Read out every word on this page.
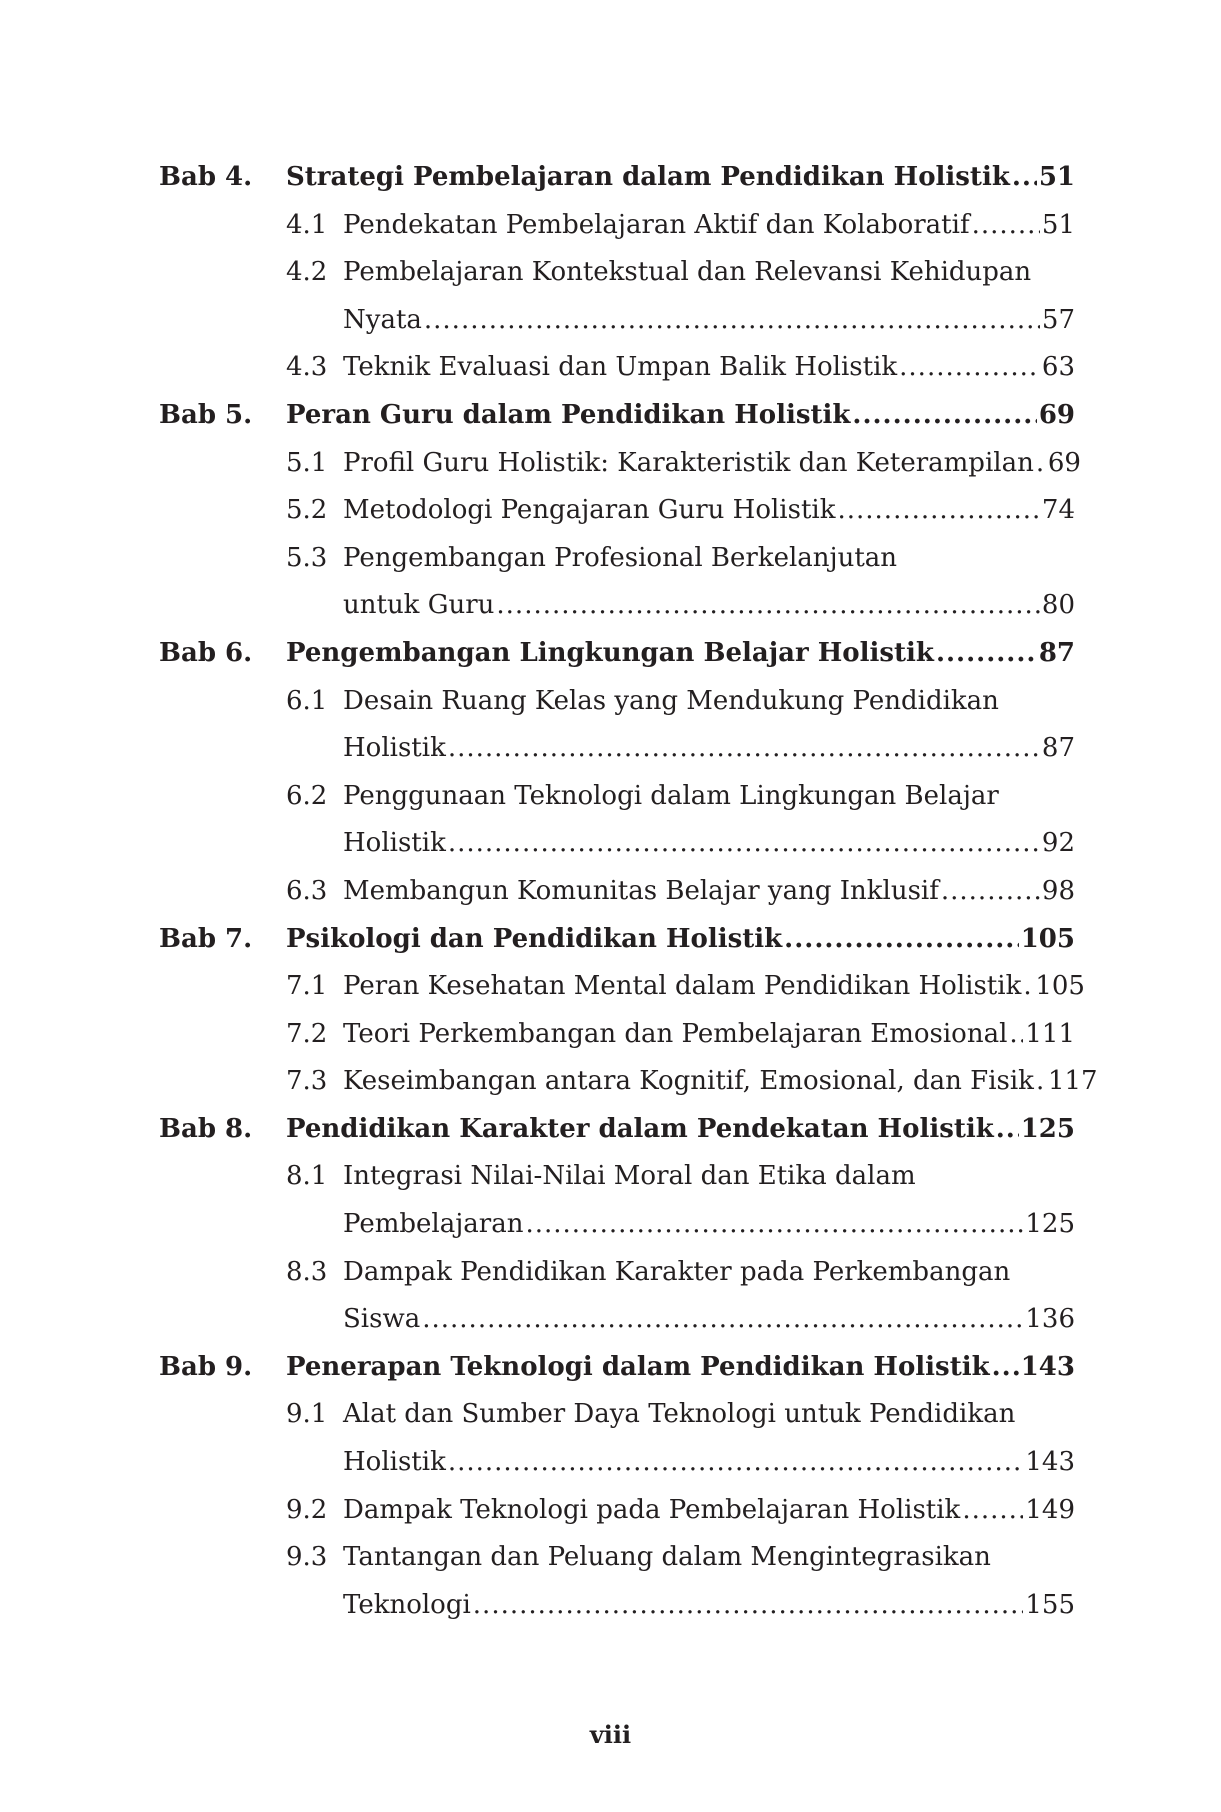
Bab 4.	Strategi Pembelajaran dalam Pendidikan Holistik ..... 51
4.1 Pendekatan Pembelajaran Aktif dan Kolaboratif .....	51
4.2 Pembelajaran Kontekstual dan Relevansi Kehidupan
Nyata .....	57
4.3 Teknik Evaluasi dan Umpan Balik Holistik .....	63
Bab 5.	Peran Guru dalam Pendidikan Holistik .....	69
5.1 Profil Guru Holistik: Karakteristik dan Keterampilan ..... 69
5.2 Metodologi Pengajaran Guru Holistik .....	74
5.3 Pengembangan Profesional Berkelanjutan
untuk Guru .....	80
Bab 6.	Pengembangan Lingkungan Belajar Holistik .....	87
6.1 Desain Ruang Kelas yang Mendukung Pendidikan
Holistik .....	87
6.2 Penggunaan Teknologi dalam Lingkungan Belajar
Holistik .....	92
6.3 Membangun Komunitas Belajar yang Inklusif .....	98
Bab 7.	Psikologi dan Pendidikan Holistik .....	105
7.1 Peran Kesehatan Mental dalam Pendidikan Holistik ..... 105
7.2 Teori Perkembangan dan Pembelajaran Emosional ..... 111
7.3 Keseimbangan antara Kognitif, Emosional, dan Fisik ..... 117
Bab 8.	Pendidikan Karakter dalam Pendekatan Holistik ..... 125
8.1 Integrasi Nilai-Nilai Moral dan Etika dalam
Pembelajaran .....	125
8.3 Dampak Pendidikan Karakter pada Perkembangan
Siswa .....	136
Bab 9.	Penerapan Teknologi dalam Pendidikan Holistik ..... 143
9.1 Alat dan Sumber Daya Teknologi untuk Pendidikan
Holistik .....	143
9.2 Dampak Teknologi pada Pembelajaran Holistik .....	149
9.3 Tantangan dan Peluang dalam Mengintegrasikan
Teknologi .....	155
viii
